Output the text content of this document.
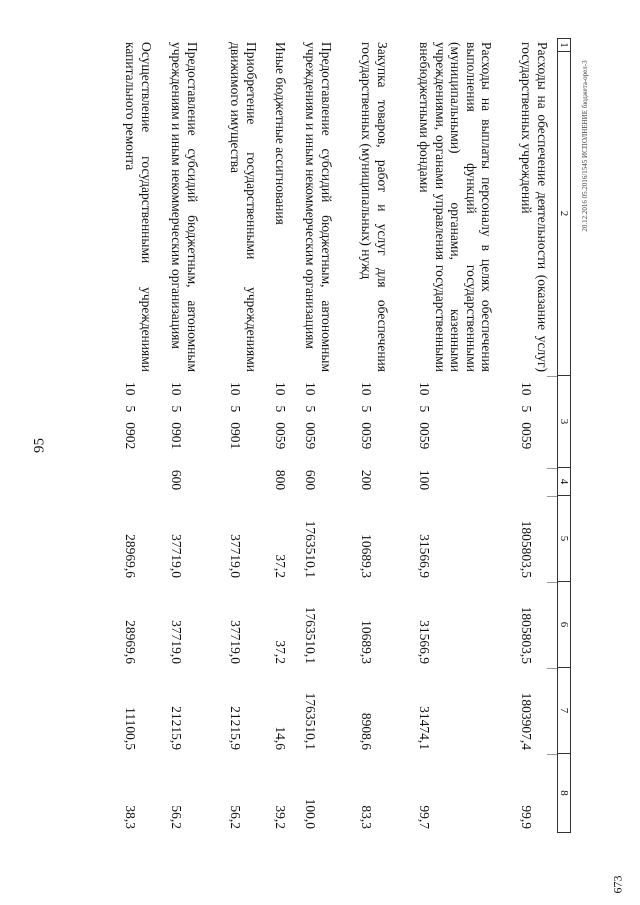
95
673
20.12.2016 05.2016/1545 ИСПОЛНЕНИЕ бюджета-орел-3
1
2
3
4
5
6
7
8
Расходы на обеспечение деятельности (оказание услуг) государственных учреждений
10
5
0059
1805803,5
1805803,5
1803907,4
99,9
Расходы на выплаты персоналу в целях обеспечения выполнения функций государственными (муниципальными) органами, казенными учреждениями, органами управления государственными внебюджетными фондами
10
5
0059
100
31566,9
31566,9
31474,1
99,7
Закупка товаров, работ и услуг для обеспечения государственных (муниципальных) нужд
10
5
0059
200
10689,3
10689,3
8908,6
83,3
Предоставление субсидий бюджетным, автономным учреждениям и иным некоммерческим организациям
10
5
0059
600
1763510,1
1763510,1
1763510,1
100,0
Иные бюджетные ассигнования
10
5
0059
800
37,2
37,2
14,6
39,2
Приобретение государственными учреждениями движимого имущества
10
5
0901
37719,0
37719,0
21215,9
56,2
Предоставление субсидий бюджетным, автономным учреждениям и иным некоммерческим организациям
10
5
0901
600
37719,0
37719,0
21215,9
56,2
Осуществление государственными учреждениями капитального ремонта
10
5
0902
28969,6
28969,6
11100,5
38,3
